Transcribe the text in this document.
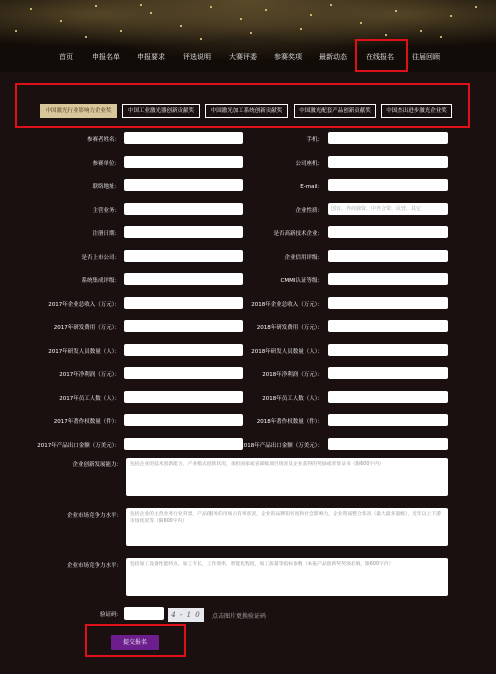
首页	申报名单 申报要求	评选说明	大赛评委 参赛奖项 最新动态	在线报名	往届回顾
中国激光行业影响力企业奖	中国工业激光器创新贡献奖	中国激光加工系统创新贡献奖	中国激光配套产品创新贡献奖	中国杰出进步激光企业奖
参赛者姓名：	手机：
参赛单位：	公司座机：
联络地址：	E-mail：
主营业务：	企业性质：	国有、外商独资、中外合资、民营、其它
注册日期：	是否高新技术企业：
是否上市公司：	企业信用评级：
系统集成评级：	CMMI认证等级：
2017年企业总收入（万元）：	2018年企业总收入（万元）：
2017年研发费用（万元）：	2018年研发费用（万元）：
2017年研发人员数量（人）：	2018年研发人员数量（人）：
2017年净利润（万元）：	2018年净利润（万元）：
2017年员工人数（人）：	2018年员工人数（人）：
2017年著作权数量（件）：	2018年著作权数量（件）：
2017年产品出口金额（万美元）：	2018年产品出口金额（万美元）：
企业创新发展能力：	包括企业的技术创新能力，产业模式创新状况，承担国家或省部级项目情况及企业获得的奖励或荣誉证书（限600字内）
企业市场竞争力水平：	包括企业的主营业务行业背景，产品/服务的市场占有率状况，企业的品牌知名度和社会影响力，企业资质整合状况（最大最多量级），近年以上下游市场状况等（限600字内）
企业市场竞争力水平：	包括加工设备性能特点，加工专长，工作效率，智能化程度，加工质量等指标参数（本报产品创新奖奖项必填，限600字内）
验证码：	4 - 1 0	点击图片更换验证码
提交报名
